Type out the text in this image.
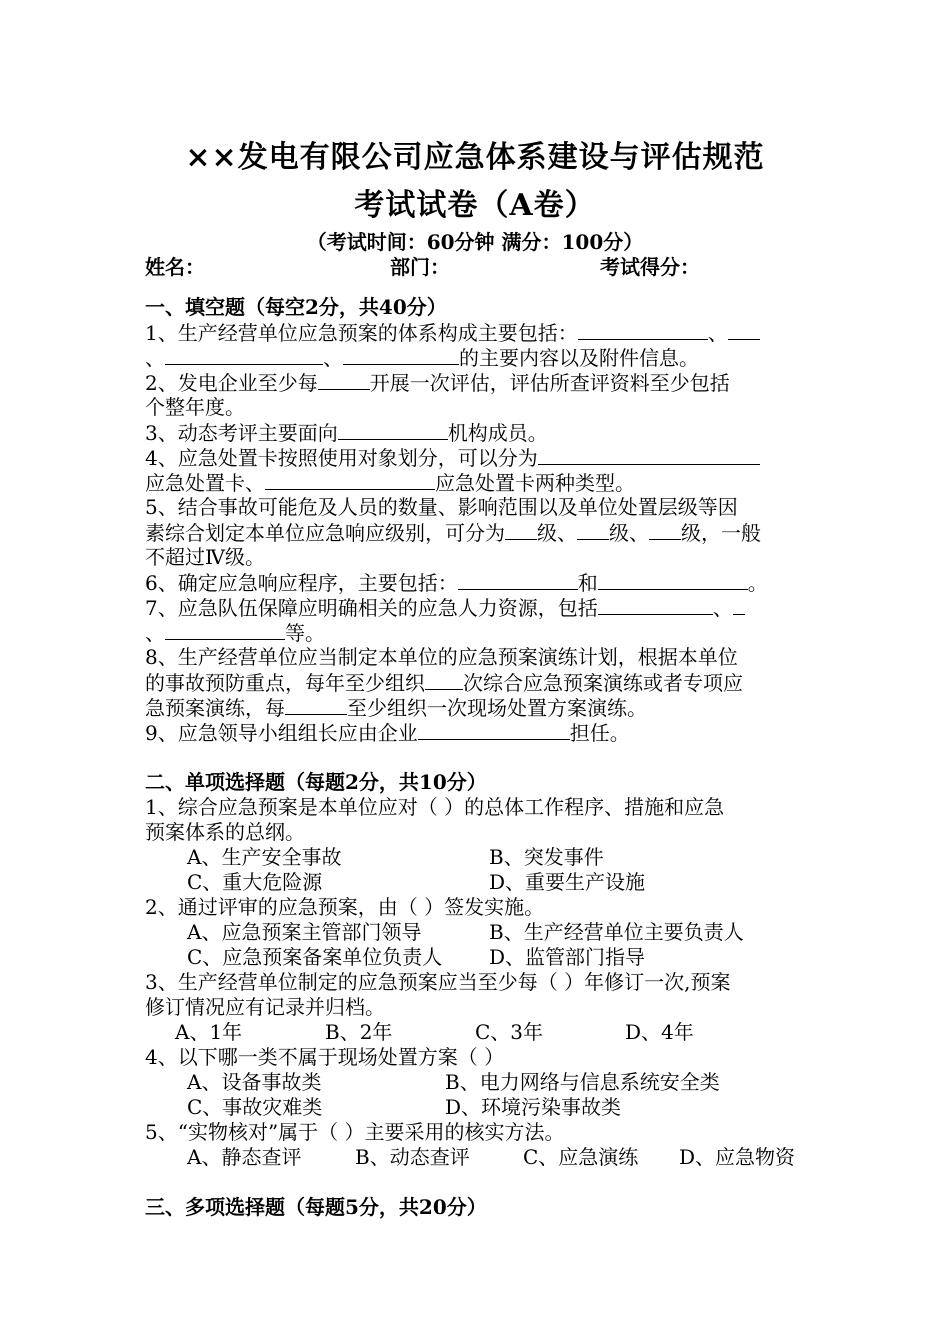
××发电有限公司应急体系建设与评估规范
考试试卷（A卷）
（考试时间：60分钟 满分：100分）
姓名：	部门：	考试得分：
一、填空题（每空2分，共40分）
1、生产经营单位应急预案的体系构成主要包括：	、
、	、	的主要内容以及附件信息。
2、发电企业至少每	开展一次评估，评估所查评资料至少包括
个整年度。
3、动态考评主要面向	机构成员。
4、应急处置卡按照使用对象划分，可以分为
应急处置卡、	应急处置卡两种类型。
5、结合事故可能危及人员的数量、影响范围以及单位处置层级等因
素综合划定本单位应急响应级别，可分为 级、 级、 级，一般
不超过Ⅳ级。
6、确定应急响应程序，主要包括：	和	。
7、应急队伍保障应明确相关的应急人力资源，包括	、
、	等。
8、生产经营单位应当制定本单位的应急预案演练计划，根据本单位
的事故预防重点，每年至少组织 次综合应急预案演练或者专项应
急预案演练，每	至少组织一次现场处置方案演练。
9、应急领导小组组长应由企业	担任。
二、单项选择题（每题2分，共10分）
1、综合应急预案是本单位应对（ ）的总体工作程序、措施和应急
预案体系的总纲。
A、生产安全事故	B、突发事件
C、重大危险源	D、重要生产设施
2、通过评审的应急预案，由（ ）签发实施。
A、应急预案主管部门领导	B、生产经营单位主要负责人
C、应急预案备案单位负责人 D、监管部门指导
3、生产经营单位制定的应急预案应当至少每（ ）年修订一次,预案
修订情况应有记录并归档。
A、1年	B、2年	C、3年	D、4年
4、以下哪一类不属于现场处置方案（ ）
A、设备事故类	B、电力网络与信息系统安全类
C、事故灾难类	D、环境污染事故类
5、“实物核对”属于（ ）主要采用的核实方法。
A、静态查评	B、动态查评	C、应急演练 D、应急物资
三、多项选择题（每题5分，共20分）
